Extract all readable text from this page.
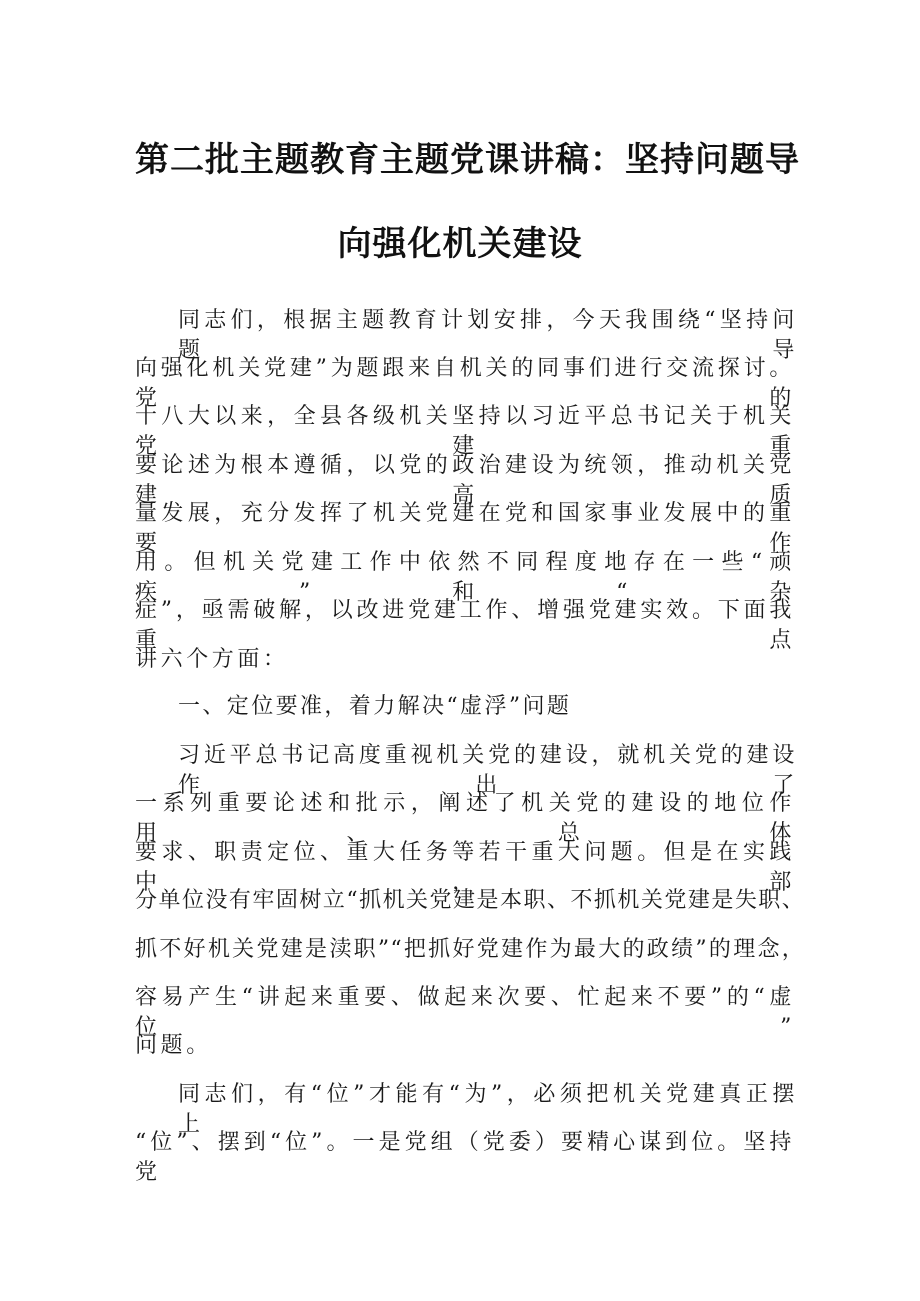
第二批主题教育主题党课讲稿：坚持问题导
向强化机关建设
同志们，根据主题教育计划安排，今天我围绕“坚持问题导
向强化机关党建”为题跟来自机关的同事们进行交流探讨。党的
十八大以来，全县各级机关坚持以习近平总书记关于机关党建重
要论述为根本遵循，以党的政治建设为统领，推动机关党建高质
量发展，充分发挥了机关党建在党和国家事业发展中的重要作
用。但机关党建工作中依然不同程度地存在一些“顽疾”和“杂
症”，亟需破解，以改进党建工作、增强党建实效。下面我重点
讲六个方面：
一、定位要准，着力解决“虚浮”问题
习近平总书记高度重视机关党的建设，就机关党的建设作出了
一系列重要论述和批示，阐述了机关党的建设的地位作用、总体
要求、职责定位、重大任务等若干重大问题。但是在实践中，部
分单位没有牢固树立“抓机关党建是本职、不抓机关党建是失职、
抓不好机关党建是渎职”“把抓好党建作为最大的政绩”的理念，
容易产生“讲起来重要、做起来次要、忙起来不要”的“虚位”
问题。
同志们，有“位”才能有“为”，必须把机关党建真正摆上
“位”、摆到“位”。一是党组（党委）要精心谋到位。坚持党
